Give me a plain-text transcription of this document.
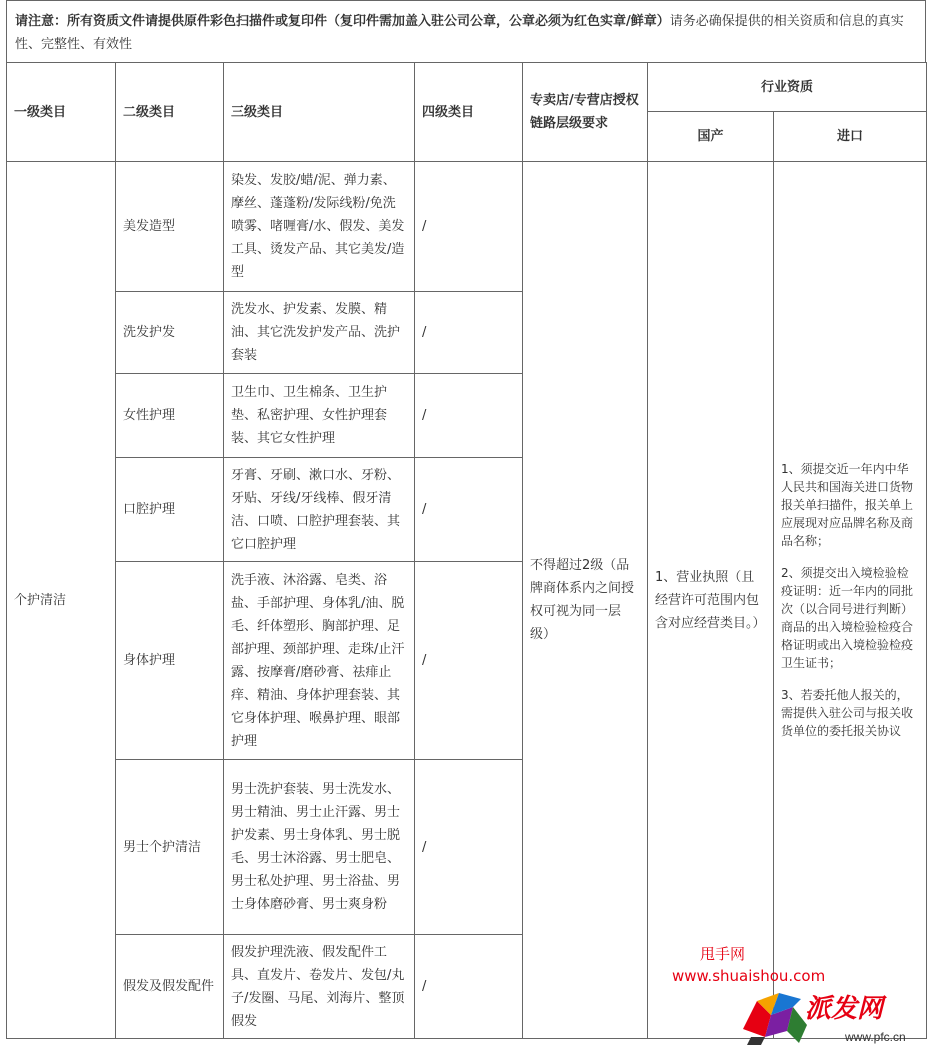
请注意：所有资质文件请提供原件彩色扫描件或复印件（复印件需加盖入驻公司公章，公章必须为红色实章/鲜章）请务必确保提供的相关资质和信息的真实性、完整性、有效性
一级类目	二级类目	三级类目	四级类目	专卖店/专营店授权链路层级要求	行业资质	
					国产	进口
个护清洁	美发造型	染发、发胶/蜡/泥、弹力素、摩丝、蓬蓬粉/发际线粉/免洗喷雾、啫喱膏/水、假发、美发工具、烫发产品、其它美发/造型	/	不得超过2级（品牌商体系内之间授权可视为同一层级）	1、营业执照（且经营许可范围内包含对应经营类目。）	1、须提交近一年内中华人民共和国海关进口货物报关单扫描件，报关单上应展现对应品牌名称及商品名称；
2、须提交出入境检验检疫证明：近一年内的同批次（以合同号进行判断）商品的出入境检验检疫合格证明或出入境检验检疫卫生证书；
3、若委托他人报关的，需提供入驻公司与报关收货单位的委托报关协议

	洗发护发	洗发水、护发素、发膜、精油、其它洗发护发产品、洗护套装	/			
	女性护理	卫生巾、卫生棉条、卫生护垫、私密护理、女性护理套装、其它女性护理	/			
	口腔护理	牙膏、牙刷、漱口水、牙粉、牙贴、牙线/牙线棒、假牙清洁、口喷、口腔护理套装、其它口腔护理	/			
	身体护理	洗手液、沐浴露、皂类、浴盐、手部护理、身体乳/油、脱毛、纤体塑形、胸部护理、足部护理、颈部护理、走珠/止汗露、按摩膏/磨砂膏、祛痱止痒、精油、身体护理套装、其它身体护理、喉鼻护理、眼部护理	/			
	男士个护清洁	男士洗护套装、男士洗发水、男士精油、男士止汗露、男士护发素、男士身体乳、男士脱毛、男士沐浴露、男士肥皂、男士私处护理、男士浴盐、男士身体磨砂膏、男士爽身粉	/			
	假发及假发配件	假发护理洗液、假发配件工具、直发片、卷发片、发包/丸子/发圈、马尾、刘海片、整顶假发	/			
甩手网
www.shuaishou.com
派发网
www.pfc.cn
